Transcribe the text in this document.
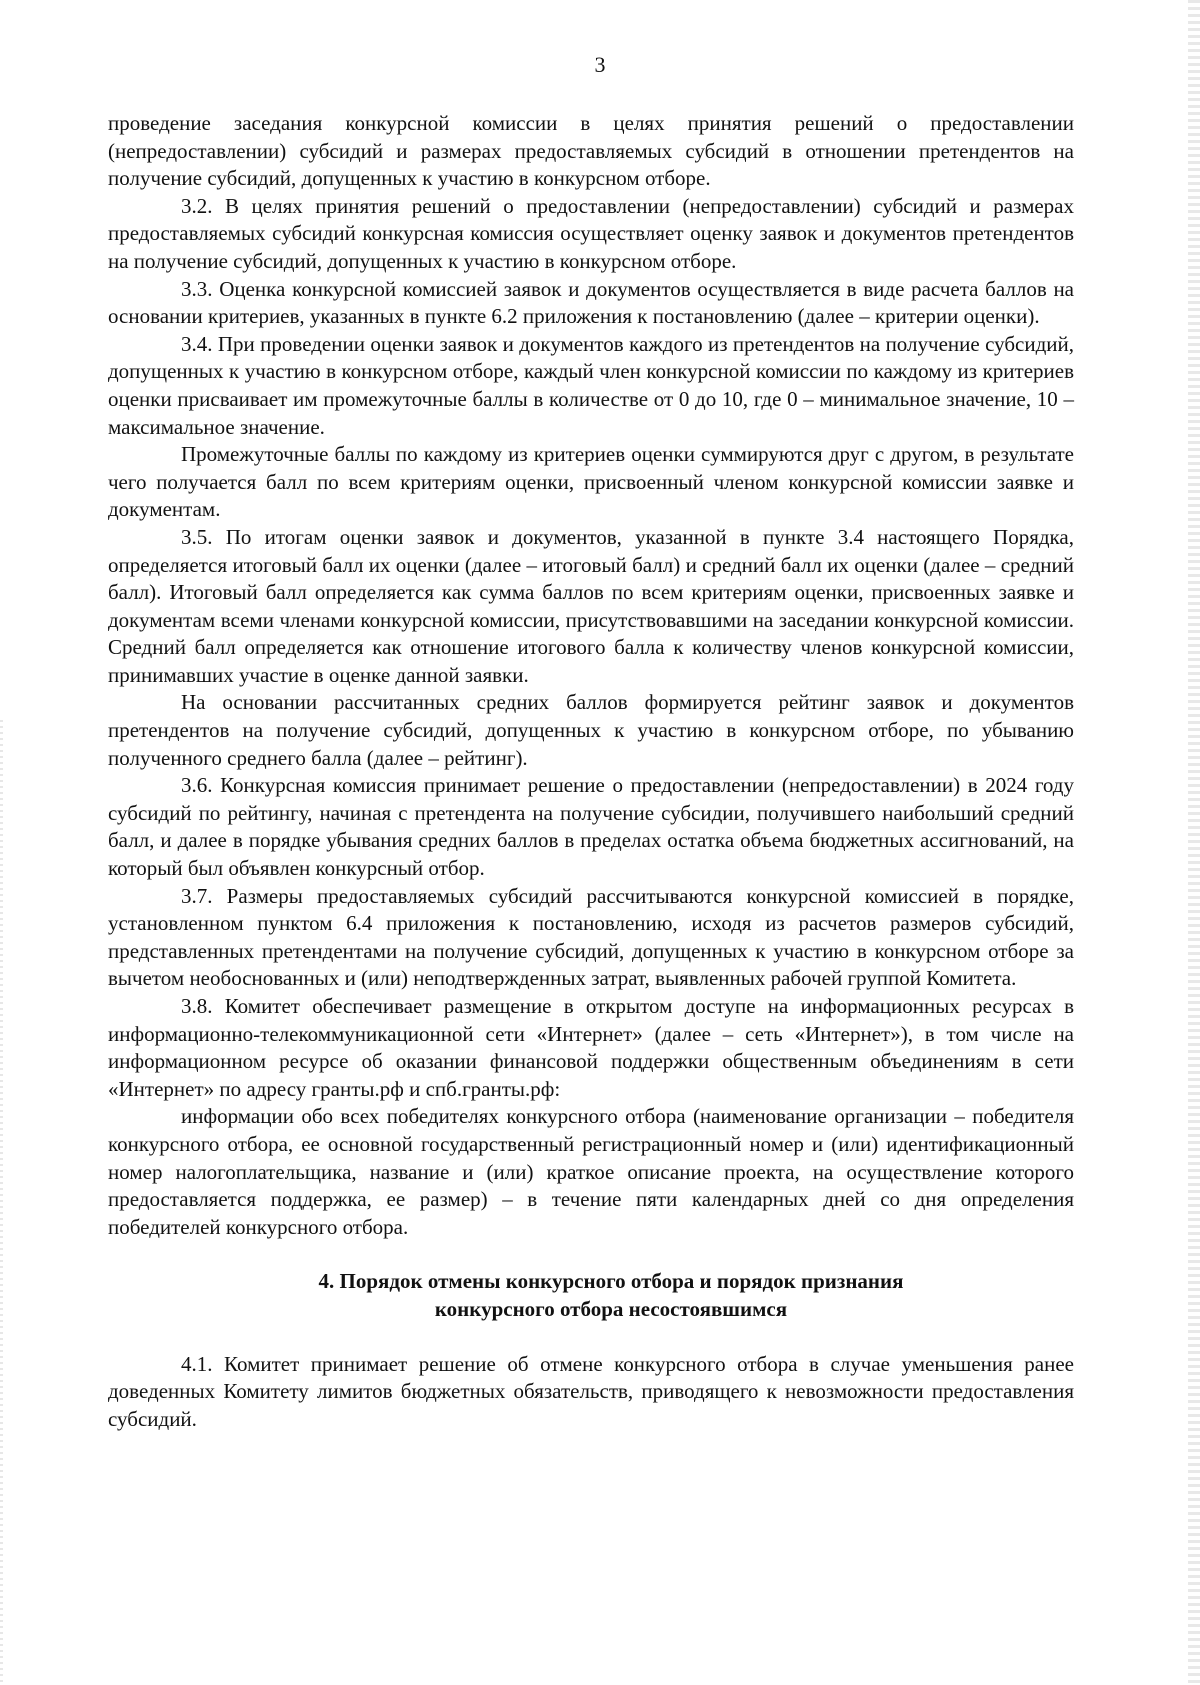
3

проведение заседания конкурсной комиссии в целях принятия решений о предоставлении (непредоставлении) субсидий и размерах предоставляемых субсидий в отношении претендентов на получение субсидий, допущенных к участию в конкурсном отборе.

3.2. В целях принятия решений о предоставлении (непредоставлении) субсидий и размерах предоставляемых субсидий конкурсная комиссия осуществляет оценку заявок и документов претендентов на получение субсидий, допущенных к участию в конкурсном отборе.

3.3. Оценка конкурсной комиссией заявок и документов осуществляется в виде расчета баллов на основании критериев, указанных в пункте 6.2 приложения к постановлению (далее – критерии оценки).

3.4. При проведении оценки заявок и документов каждого из претендентов на получение субсидий, допущенных к участию в конкурсном отборе, каждый член конкурсной комиссии по каждому из критериев оценки присваивает им промежуточные баллы в количестве от 0 до 10, где 0 – минимальное значение, 10 – максимальное значение.

Промежуточные баллы по каждому из критериев оценки суммируются друг с другом, в результате чего получается балл по всем критериям оценки, присвоенный членом конкурсной комиссии заявке и документам.

3.5. По итогам оценки заявок и документов, указанной в пункте 3.4 настоящего Порядка, определяется итоговый балл их оценки (далее – итоговый балл) и средний балл их оценки (далее – средний балл). Итоговый балл определяется как сумма баллов по всем критериям оценки, присвоенных заявке и документам всеми членами конкурсной комиссии, присутствовавшими на заседании конкурсной комиссии. Средний балл определяется как отношение итогового балла к количеству членов конкурсной комиссии, принимавших участие в оценке данной заявки.

На основании рассчитанных средних баллов формируется рейтинг заявок и документов претендентов на получение субсидий, допущенных к участию в конкурсном отборе, по убыванию полученного среднего балла (далее – рейтинг).

3.6. Конкурсная комиссия принимает решение о предоставлении (непредоставлении) в 2024 году субсидий по рейтингу, начиная с претендента на получение субсидии, получившего наибольший средний балл, и далее в порядке убывания средних баллов в пределах остатка объема бюджетных ассигнований, на который был объявлен конкурсный отбор.

3.7. Размеры предоставляемых субсидий рассчитываются конкурсной комиссией в порядке, установленном пунктом 6.4 приложения к постановлению, исходя из расчетов размеров субсидий, представленных претендентами на получение субсидий, допущенных к участию в конкурсном отборе за вычетом необоснованных и (или) неподтвержденных затрат, выявленных рабочей группой Комитета.

3.8. Комитет обеспечивает размещение в открытом доступе на информационных ресурсах в информационно-телекоммуникационной сети «Интернет» (далее – сеть «Интернет»), в том числе на информационном ресурсе об оказании финансовой поддержки общественным объединениям в сети «Интернет» по адресу гранты.рф и спб.гранты.рф:

информации обо всех победителях конкурсного отбора (наименование организации – победителя конкурсного отбора, ее основной государственный регистрационный номер и (или) идентификационный номер налогоплательщика, название и (или) краткое описание проекта, на осуществление которого предоставляется поддержка, ее размер) – в течение пяти календарных дней со дня определения победителей конкурсного отбора.

4. Порядок отмены конкурсного отбора и порядок признания
конкурсного отбора несостоявшимся

4.1. Комитет принимает решение об отмене конкурсного отбора в случае уменьшения ранее доведенных Комитету лимитов бюджетных обязательств, приводящего к невозможности предоставления субсидий.
